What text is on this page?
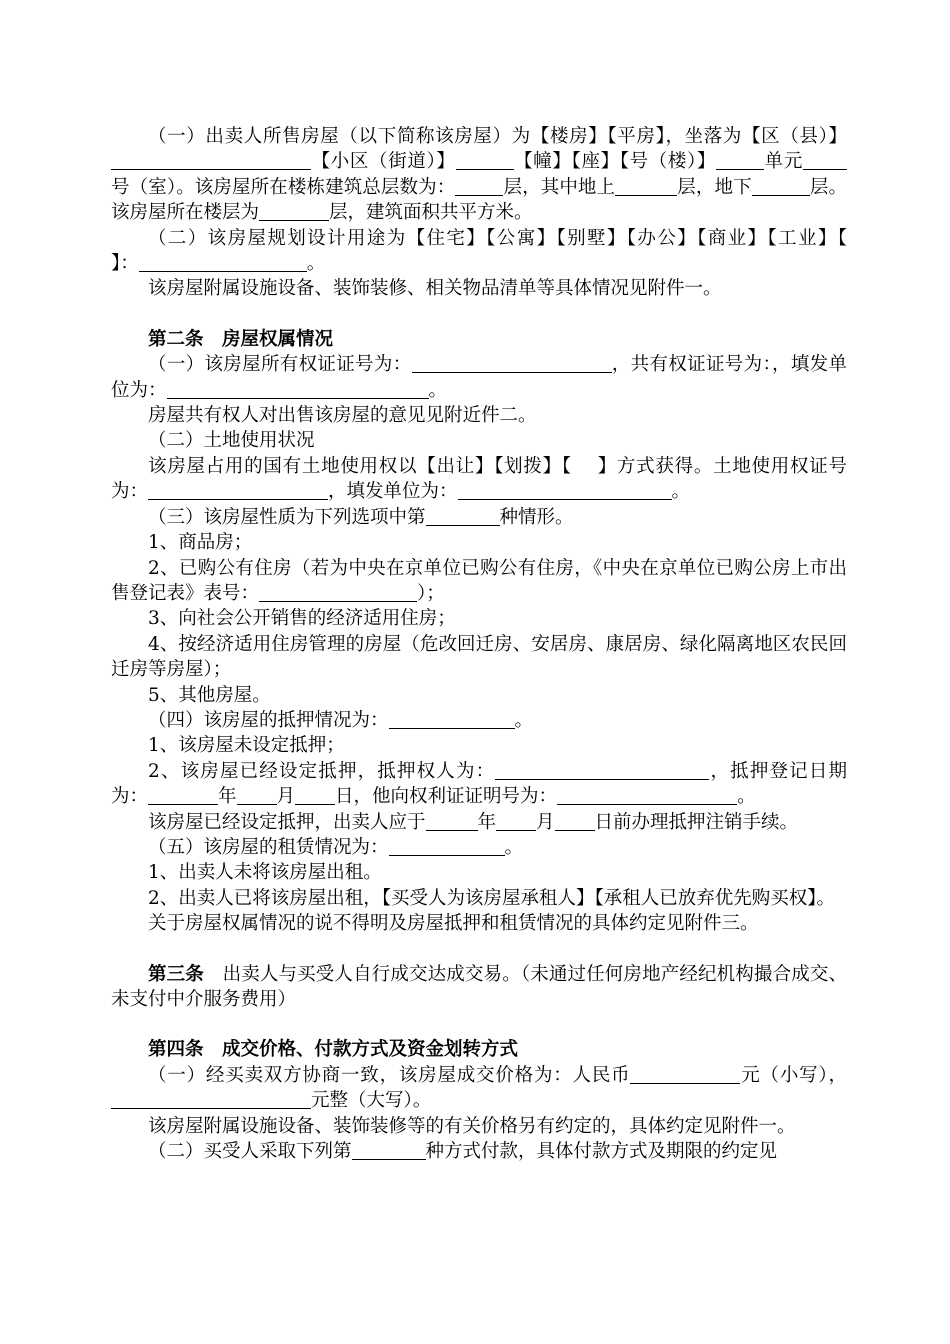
（一）出卖人所售房屋（以下简称该房屋）为【楼房】【平房】，坐落为【区（县）】【小区（街道）】	【幢】【座】【号（楼）】	单元号（室）。该房屋所在楼栋建筑总层数为：	层，其中地上	层，地下	层。该房屋所在楼层为	层，建筑面积共平方米。

（二）该房屋规划设计用途为【住宅】【公寓】【别墅】【办公】【商业】【工业】【　 】：	。

该房屋附属设施设备、装饰装修、相关物品清单等具体情况见附件一。

第二条　房屋权属情况

（一）该房屋所有权证证号为：	，共有权证证号为：，填发单位为：	。

房屋共有权人对出售该房屋的意见见附近件二。

（二）土地使用状况

该房屋占用的国有土地使用权以【出让】【划拨】【　 】方式获得。土地使用权证号为：	，填发单位为：	。

（三）该房屋性质为下列选项中第	种情形。

1、商品房；

2、已购公有住房（若为中央在京单位已购公有住房，《中央在京单位已购公房上市出售登记表》表号：	）；

3、向社会公开销售的经济适用住房；

4、按经济适用住房管理的房屋（危改回迁房、安居房、康居房、绿化隔离地区农民回迁房等房屋）；

5、其他房屋。

（四）该房屋的抵押情况为：	。

1、该房屋未设定抵押；

2、该房屋已经设定抵押，抵押权人为：	，抵押登记日期为：	年 月 日，他向权利证证明号为：	。

该房屋已经设定抵押，出卖人应于	年 月 日前办理抵押注销手续。

（五）该房屋的租赁情况为：	。

1、出卖人未将该房屋出租。

2、出卖人已将该房屋出租，【买受人为该房屋承租人】【承租人已放弃优先购买权】。

关于房屋权属情况的说不得明及房屋抵押和租赁情况的具体约定见附件三。

第三条　出卖人与买受人自行成交达成交易。（未通过任何房地产经纪机构撮合成交、未支付中介服务费用）

第四条　成交价格、付款方式及资金划转方式

（一）经买卖双方协商一致，该房屋成交价格为：人民币	元（小写），元整（大写）。

该房屋附属设施设备、装饰装修等的有关价格另有约定的，具体约定见附件一。

（二）买受人采取下列第	种方式付款，具体付款方式及期限的约定见
